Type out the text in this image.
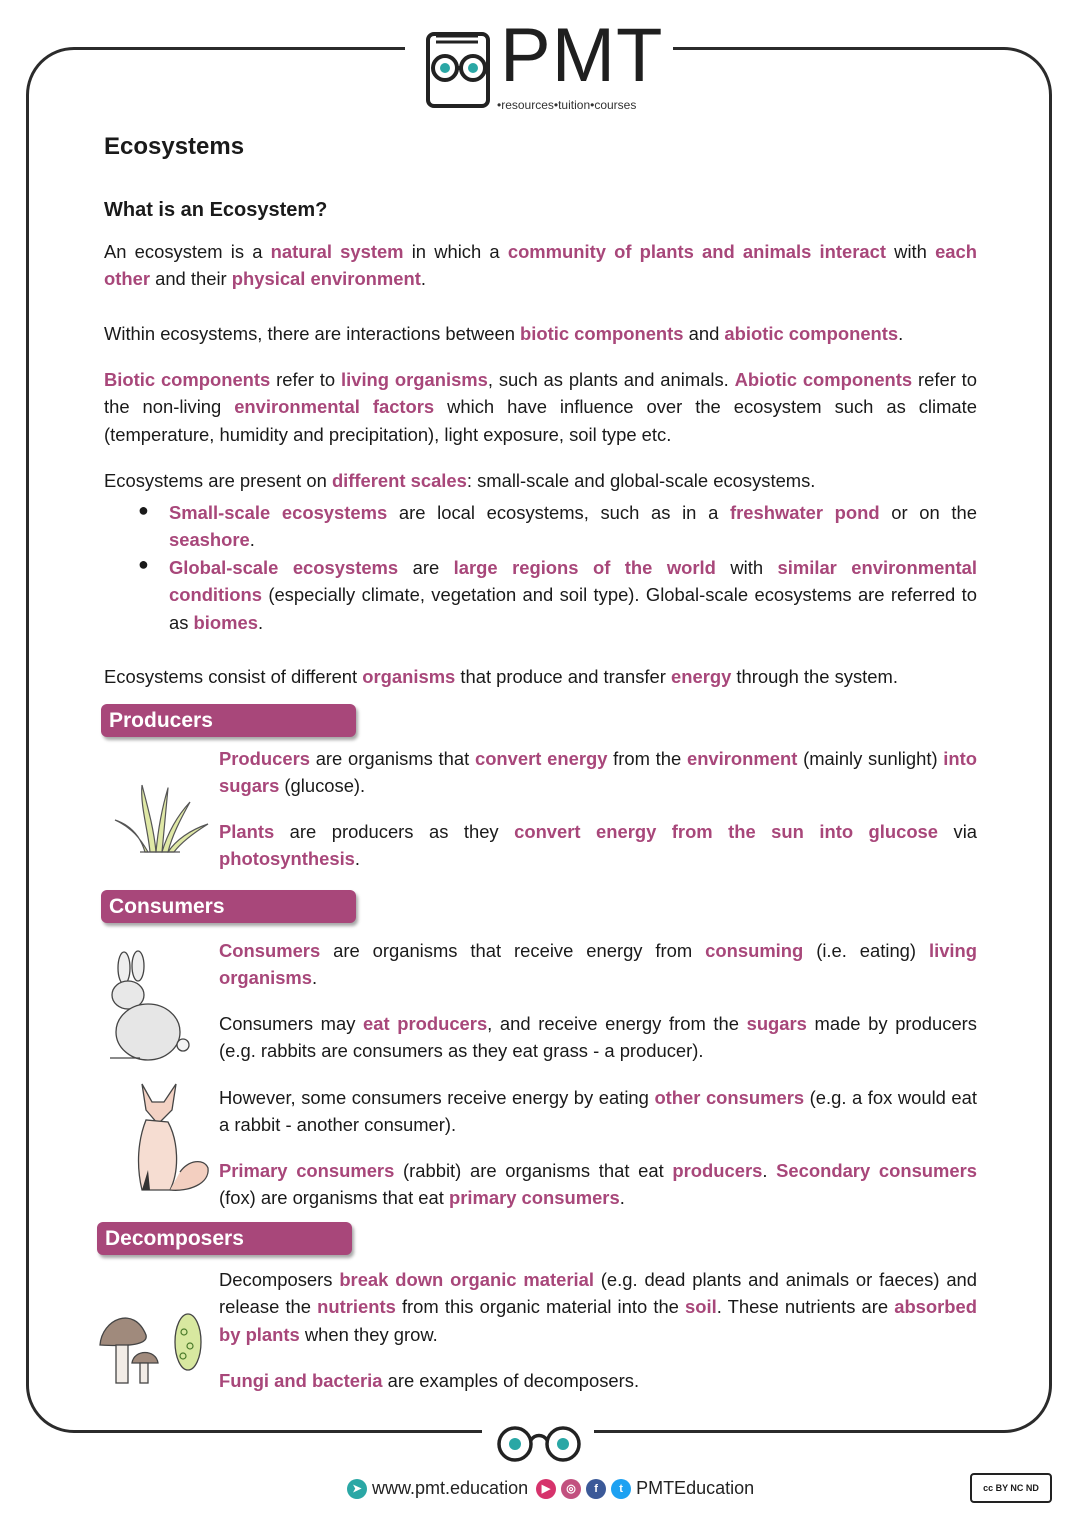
PMT
•resources•tuition•courses
Ecosystems
What is an Ecosystem?

An ecosystem is a natural system in which a community of plants and animals interact with each other and their physical environment.

Within ecosystems, there are interactions between biotic components and abiotic components.

Biotic components refer to living organisms, such as plants and animals. Abiotic components refer to the non-living environmental factors which have influence over the ecosystem such as climate (temperature, humidity and precipitation), light exposure, soil type etc.

Ecosystems are present on different scales: small-scale and global-scale ecosystems.

● Small-scale ecosystems are local ecosystems, such as in a freshwater pond or on the seashore.

● Global-scale ecosystems are large regions of the world with similar environmental conditions (especially climate, vegetation and soil type). Global-scale ecosystems are referred to as biomes.

Ecosystems consist of different organisms that produce and transfer energy through the system.

Producers

Producers are organisms that convert energy from the environment (mainly sunlight) into sugars (glucose).

Plants are producers as they convert energy from the sun into glucose via photosynthesis.

Consumers

Consumers are organisms that receive energy from consuming (i.e. eating) living organisms.

Consumers may eat producers, and receive energy from the sugars made by producers (e.g. rabbits are consumers as they eat grass - a producer).

However, some consumers receive energy by eating other consumers (e.g. a fox would eat a rabbit - another consumer).

Primary consumers (rabbit) are organisms that eat producers. Secondary consumers (fox) are organisms that eat primary consumers.

Decomposers

Decomposers break down organic material (e.g. dead plants and animals or faeces) and release the nutrients from this organic material into the soil. These nutrients are absorbed by plants when they grow.

Fungi and bacteria are examples of decomposers.

➤ www.pmt.education	▶ ◎ f t PMTEducation	cc BY NC ND
